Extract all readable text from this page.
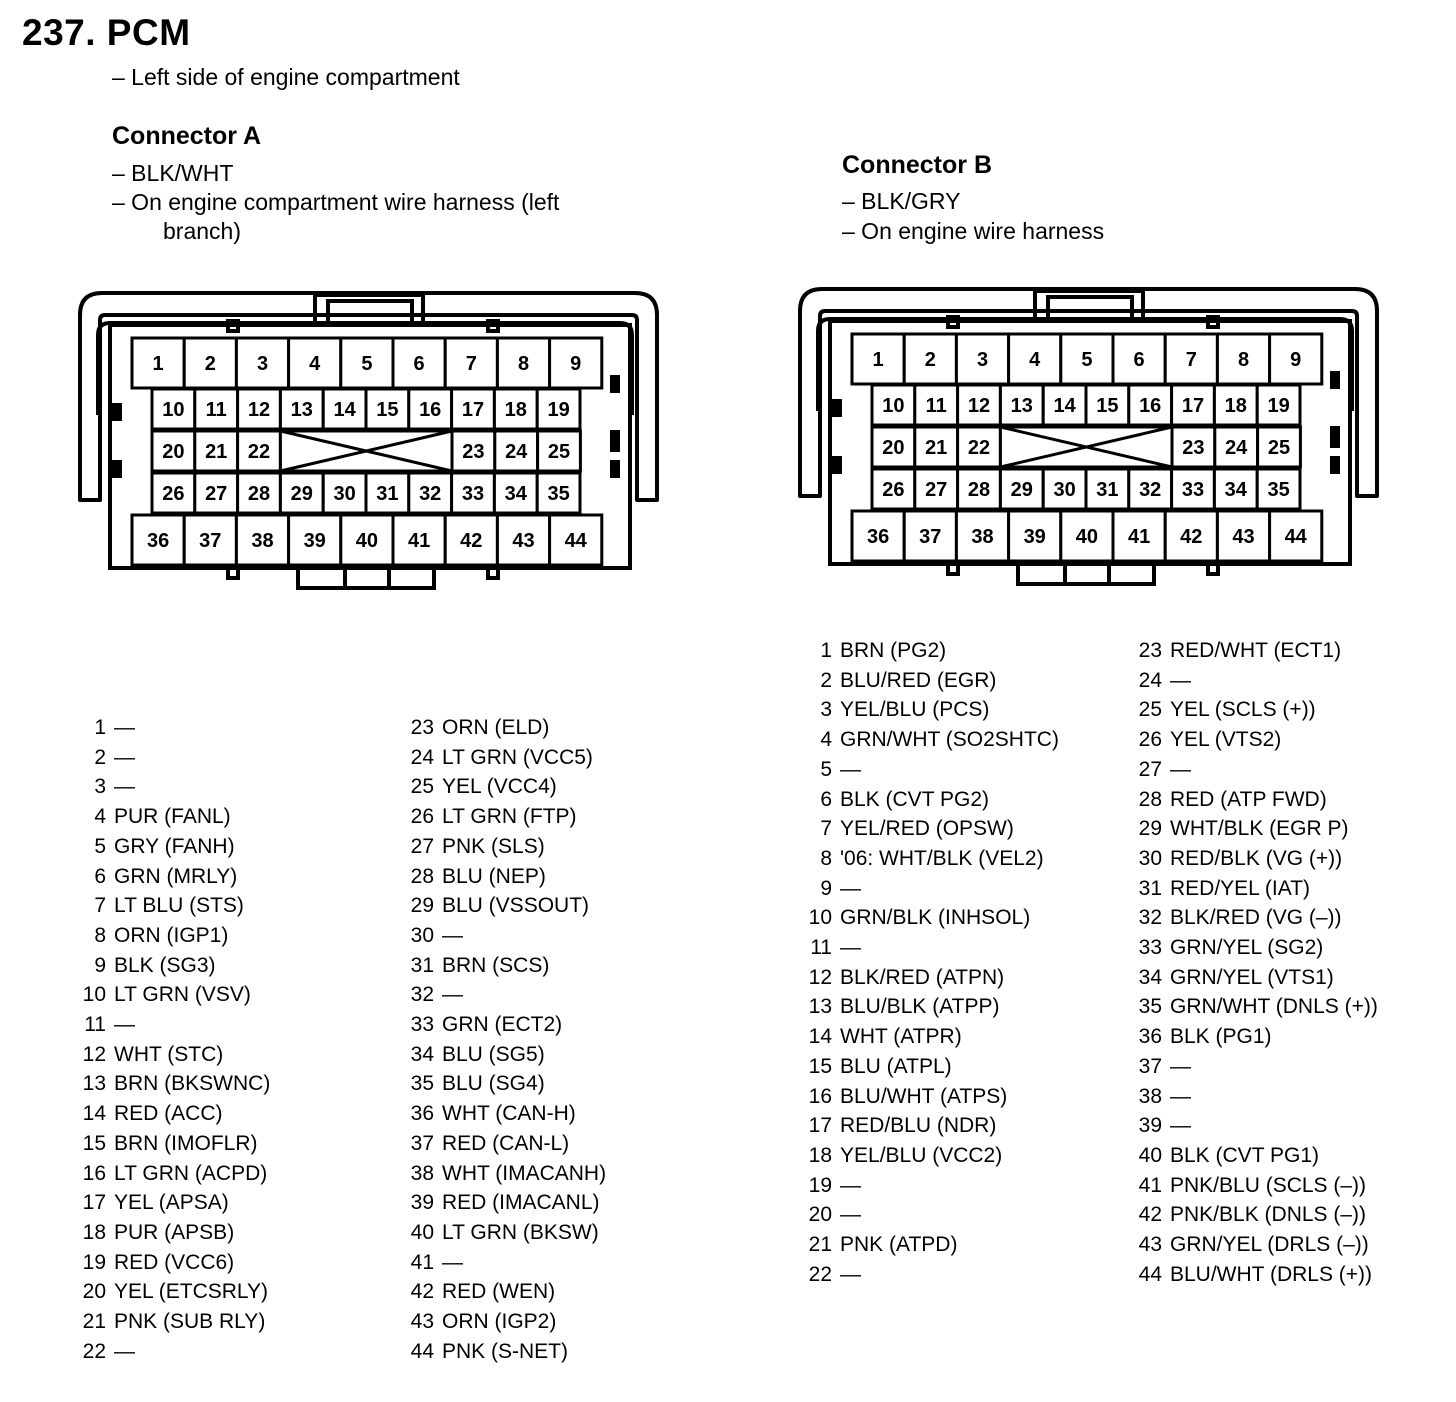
237. PCM
– Left side of engine compartment
Connector A
– BLK/WHT
– On engine compartment wire harness (left
branch)
Connector B
– BLK/GRY
– On engine wire harness
1 2 3 4 5 6 7 8 9
10 11 12 13 14 15 16 17 18 19
20 21 22	23 24 25
26 27 28 29 30 31 32 33 34 35
36 37 38 39 40 41 42 43 44
1 2 3 4 5 6 7 8 9
10 11 12 13 14 15 16 17 18 19
20 21 22	23 24 25
26 27 28 29 30 31 32 33 34 35
36 37 38 39 40 41 42 43 44
1 —
2 —
3 —
4 PUR (FANL)
5 GRY (FANH)
6 GRN (MRLY)
7 LT BLU (STS)
8 ORN (IGP1)
9 BLK (SG3)
10 LT GRN (VSV)
11 —
12 WHT (STC)
13 BRN (BKSWNC)
14 RED (ACC)
15 BRN (IMOFLR)
16 LT GRN (ACPD)
17 YEL (APSA)
18 PUR (APSB)
19 RED (VCC6)
20 YEL (ETCSRLY)
21 PNK (SUB RLY)
22 —
23 ORN (ELD)
24 LT GRN (VCC5)
25 YEL (VCC4)
26 LT GRN (FTP)
27 PNK (SLS)
28 BLU (NEP)
29 BLU (VSSOUT)
30 —
31 BRN (SCS)
32 —
33 GRN (ECT2)
34 BLU (SG5)
35 BLU (SG4)
36 WHT (CAN-H)
37 RED (CAN-L)
38 WHT (IMACANH)
39 RED (IMACANL)
40 LT GRN (BKSW)
41 —
42 RED (WEN)
43 ORN (IGP2)
44 PNK (S-NET)
1 BRN (PG2)
2 BLU/RED (EGR)
3 YEL/BLU (PCS)
4 GRN/WHT (SO2SHTC)
5 —
6 BLK (CVT PG2)
7 YEL/RED (OPSW)
8 '06: WHT/BLK (VEL2)
9 —
10 GRN/BLK (INHSOL)
11 —
12 BLK/RED (ATPN)
13 BLU/BLK (ATPP)
14 WHT (ATPR)
15 BLU (ATPL)
16 BLU/WHT (ATPS)
17 RED/BLU (NDR)
18 YEL/BLU (VCC2)
19 —
20 —
21 PNK (ATPD)
22 —
23 RED/WHT (ECT1)
24 —
25 YEL (SCLS (+))
26 YEL (VTS2)
27 —
28 RED (ATP FWD)
29 WHT/BLK (EGR P)
30 RED/BLK (VG (+))
31 RED/YEL (IAT)
32 BLK/RED (VG (–))
33 GRN/YEL (SG2)
34 GRN/YEL (VTS1)
35 GRN/WHT (DNLS (+))
36 BLK (PG1)
37 —
38 —
39 —
40 BLK (CVT PG1)
41 PNK/BLU (SCLS (–))
42 PNK/BLK (DNLS (–))
43 GRN/YEL (DRLS (–))
44 BLU/WHT (DRLS (+))
